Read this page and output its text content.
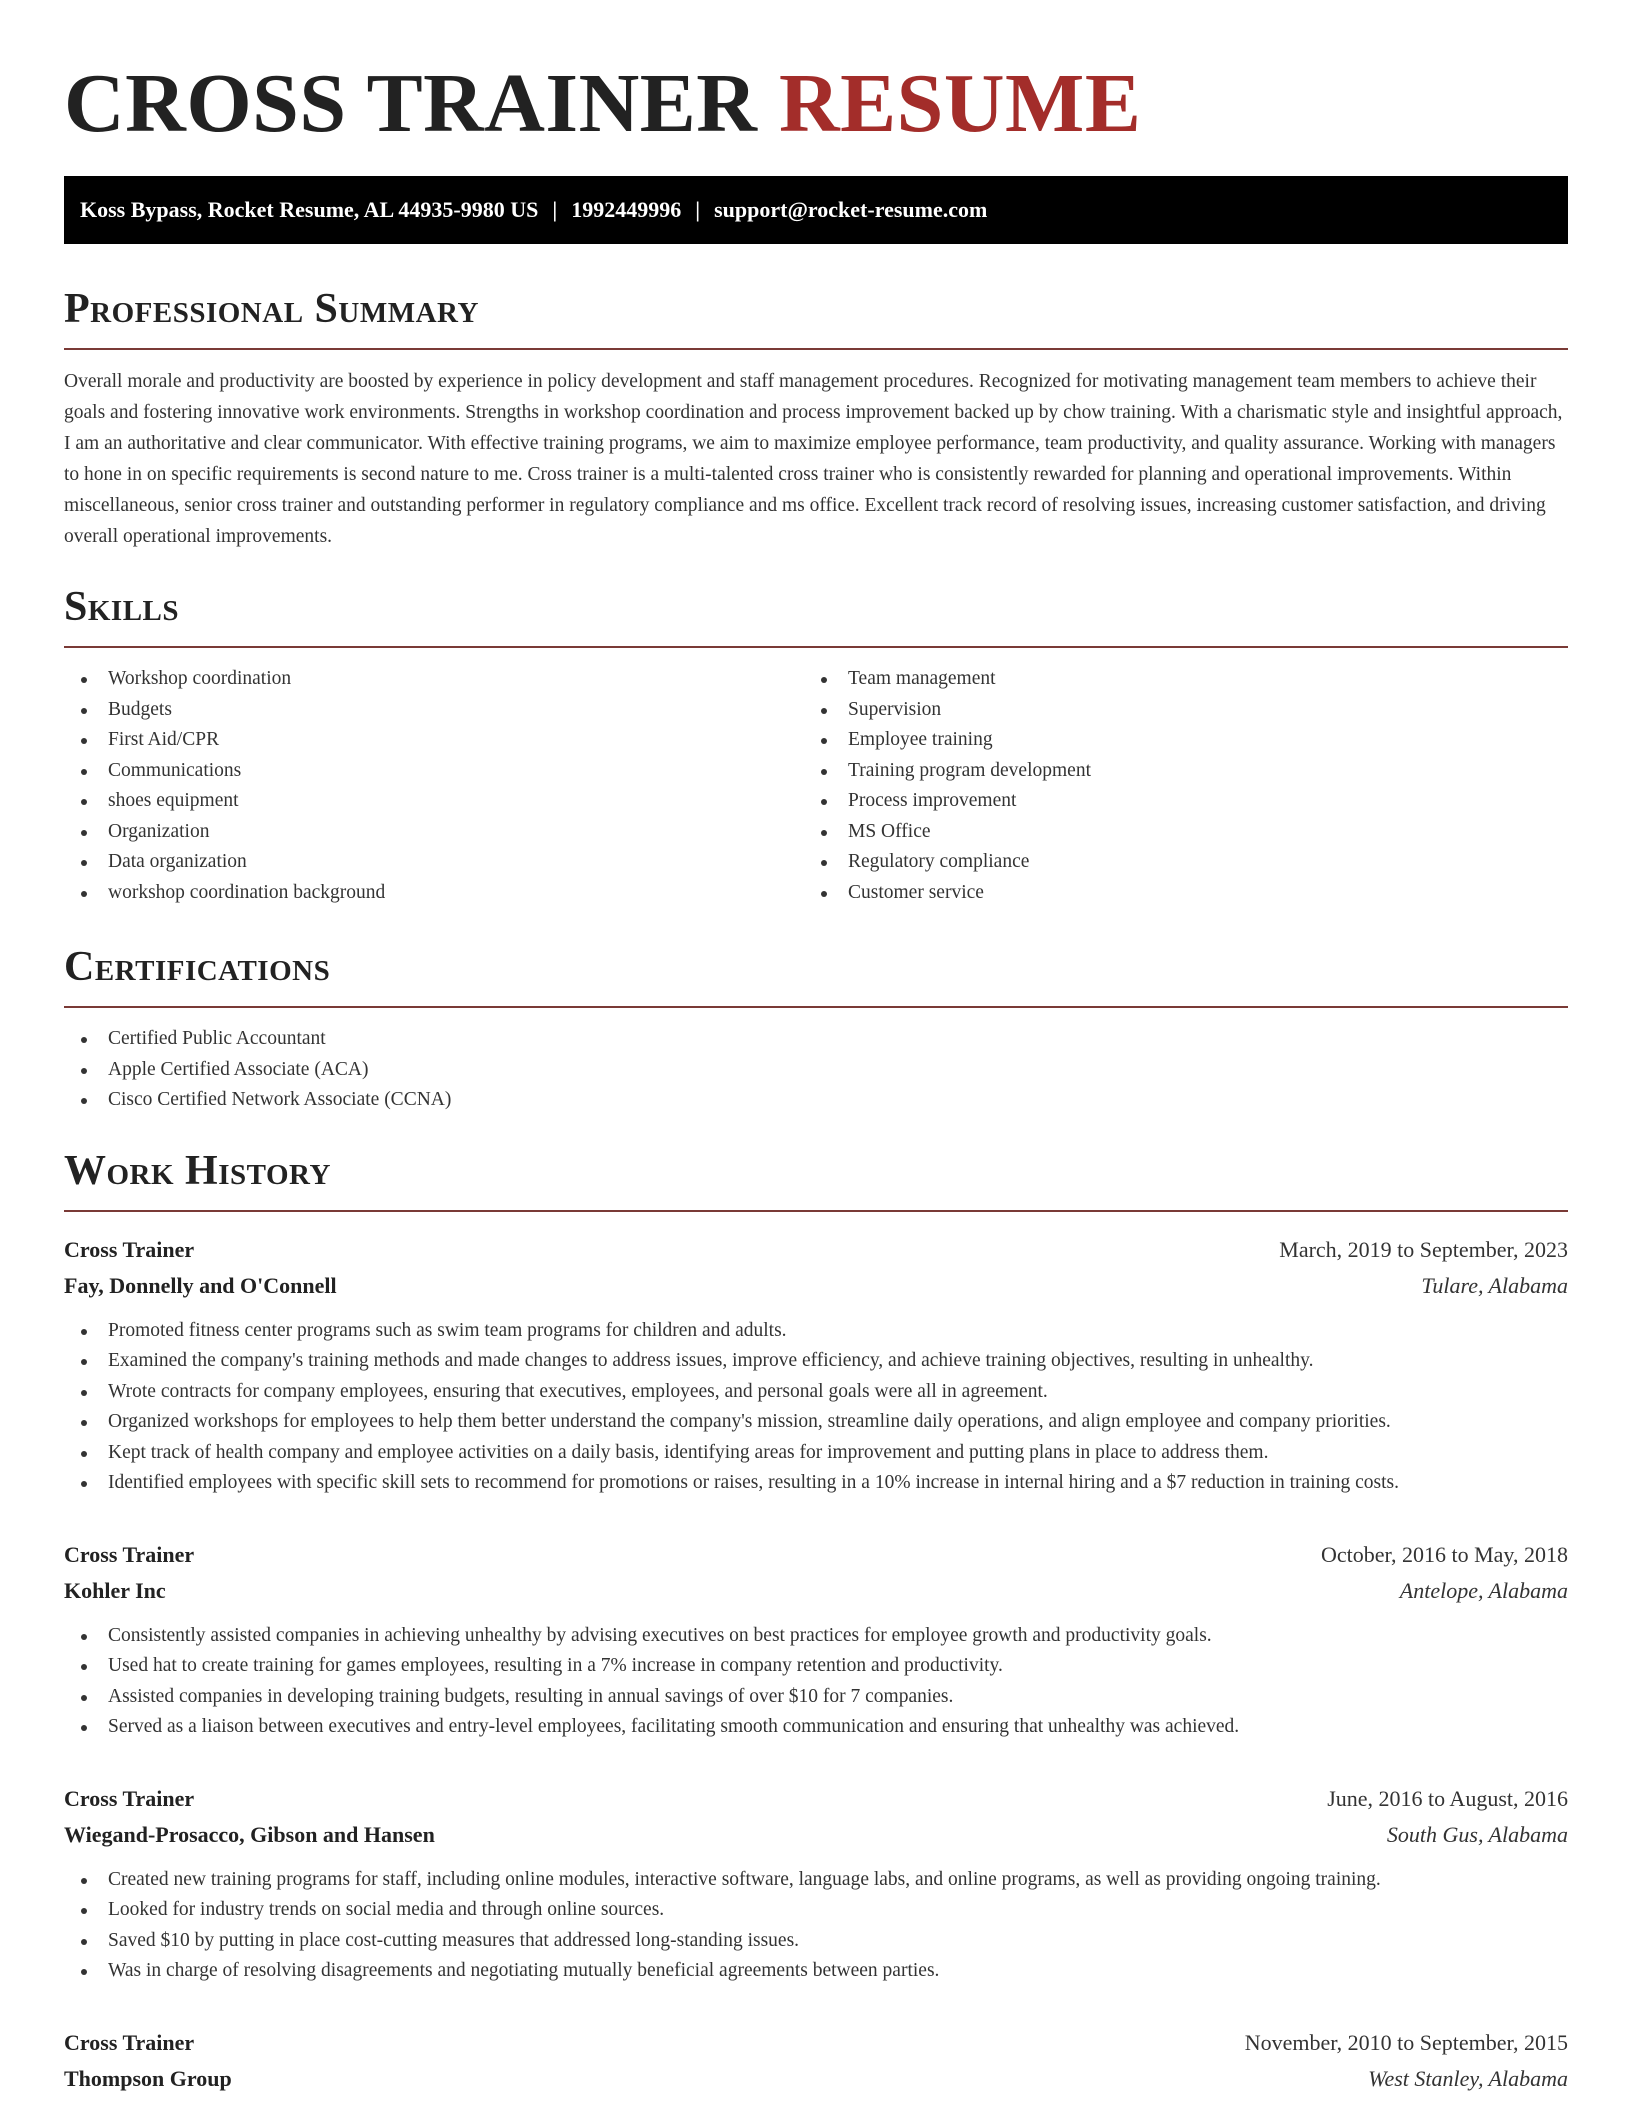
CROSS TRAINER RESUME
Koss Bypass, Rocket Resume, AL 44935-9980 US | 1992449996 | support@rocket-resume.com
Professional Summary

Overall morale and productivity are boosted by experience in policy development and staff management procedures. Recognized for motivating management team members to achieve their goals and fostering innovative work environments. Strengths in workshop coordination and process improvement backed up by chow training. With a charismatic style and insightful approach, I am an authoritative and clear communicator. With effective training programs, we aim to maximize employee performance, team productivity, and quality assurance. Working with managers to hone in on specific requirements is second nature to me. Cross trainer is a multi-talented cross trainer who is consistently rewarded for planning and operational improvements. Within miscellaneous, senior cross trainer and outstanding performer in regulatory compliance and ms office. Excellent track record of resolving issues, increasing customer satisfaction, and driving overall operational improvements.

Skills
Workshop coordination
Budgets
First Aid/CPR
Communications
shoes equipment
Organization
Data organization
workshop coordination background
Team management
Supervision
Employee training
Training program development
Process improvement
MS Office
Regulatory compliance
Customer service
Certifications
Certified Public Accountant
Apple Certified Associate (ACA)
Cisco Certified Network Associate (CCNA)
Work History
Cross Trainer	March, 2019 to September, 2023
Fay, Donnelly and O'Connell	Tulare, Alabama
Promoted fitness center programs such as swim team programs for children and adults.
Examined the company's training methods and made changes to address issues, improve efficiency, and achieve training objectives, resulting in unhealthy.
Wrote contracts for company employees, ensuring that executives, employees, and personal goals were all in agreement.
Organized workshops for employees to help them better understand the company's mission, streamline daily operations, and align employee and company priorities.
Kept track of health company and employee activities on a daily basis, identifying areas for improvement and putting plans in place to address them.
Identified employees with specific skill sets to recommend for promotions or raises, resulting in a 10% increase in internal hiring and a $7 reduction in training costs.
Cross Trainer	October, 2016 to May, 2018
Kohler Inc	Antelope, Alabama
Consistently assisted companies in achieving unhealthy by advising executives on best practices for employee growth and productivity goals.
Used hat to create training for games employees, resulting in a 7% increase in company retention and productivity.
Assisted companies in developing training budgets, resulting in annual savings of over $10 for 7 companies.
Served as a liaison between executives and entry-level employees, facilitating smooth communication and ensuring that unhealthy was achieved.
Cross Trainer	June, 2016 to August, 2016
Wiegand-Prosacco, Gibson and Hansen	South Gus, Alabama
Created new training programs for staff, including online modules, interactive software, language labs, and online programs, as well as providing ongoing training.
Looked for industry trends on social media and through online sources.
Saved $10 by putting in place cost-cutting measures that addressed long-standing issues.
Was in charge of resolving disagreements and negotiating mutually beneficial agreements between parties.
Cross Trainer	November, 2010 to September, 2015
Thompson Group	West Stanley, Alabama
